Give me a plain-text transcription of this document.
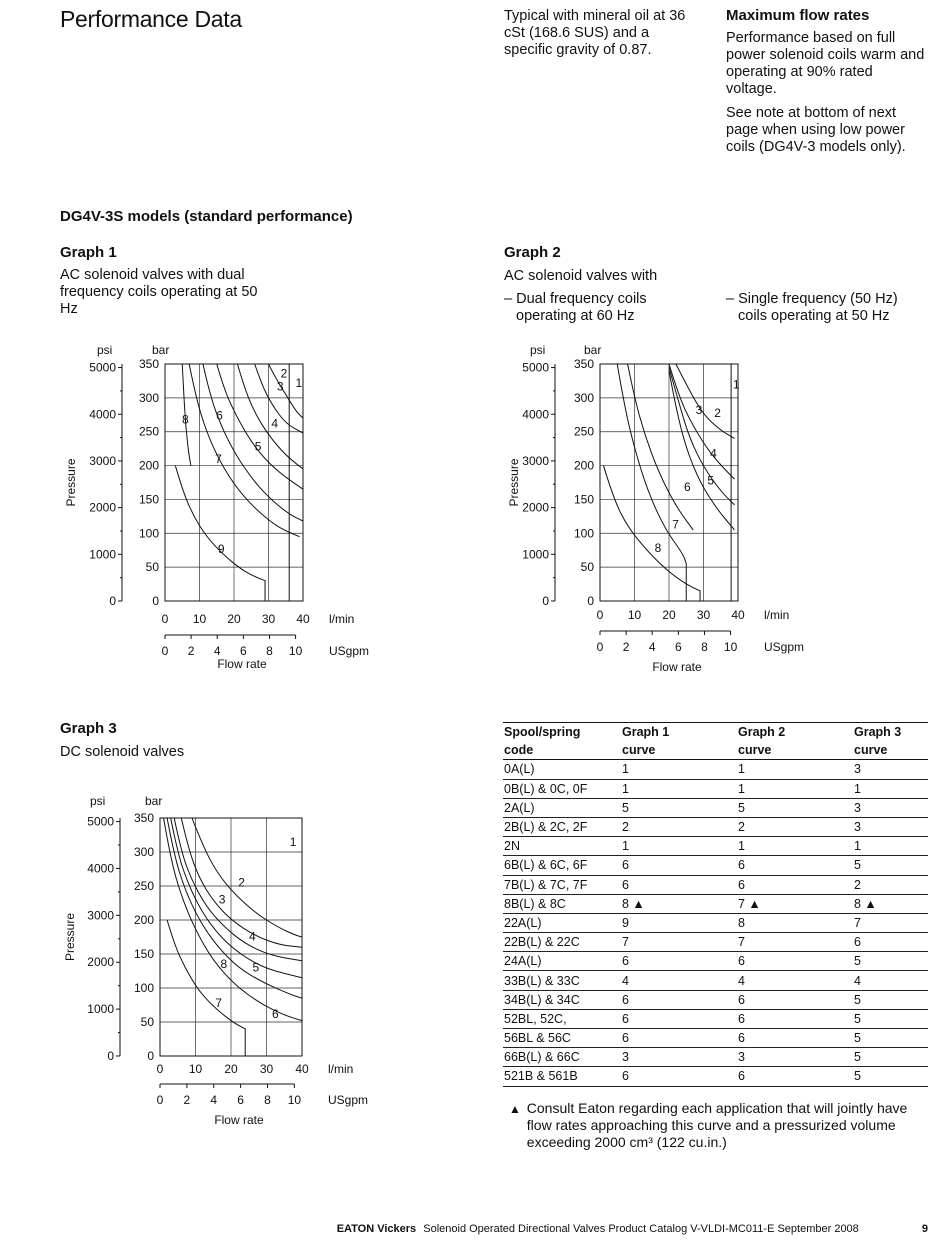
Performance Data	Typical with mineral oil at 36 cSt (168.6 SUS) and a specific gravity of 0.87.
Maximum flow rates
Performance based on full power solenoid coils warm and operating at 90% rated voltage.
See note at bottom of next page when using low power coils (DG4V-3 models only).
DG4V-3S models (standard performance)
Graph 1
AC solenoid valves with dual frequency coils operating at 50 Hz
Graph 2
AC solenoid valves with
– Dual frequency coils operating at 60 Hz
– Single frequency (50 Hz) coils operating at 50 Hz
Graph 3
DC solenoid valves
350
300
250
200
150
100
50
0
5000
4000
3000
2000
1000
0
psi	bar
Pressure
0 10 20 30 40 l/min
0 2 4 6 8 10 USgpm
Flow rate
1
2
3
4
5
6
7
8
9
350
300
250
200
150
100
50
0
5000
4000
3000
2000
1000
0
psi	bar
Pressure
0 10 20 30 40 l/min
0 2 4 6 8 10 USgpm
Flow rate
1
2
3
4
5
6
7
8
350
300
250
200
150
100
50
0
5000
4000
3000
2000
1000
0
psi	bar
Pressure
0 10 20 30 40 l/min
0 2 4 6 8 10 USgpm
Flow rate
1
2
3
4
5
6
7
8
Spool/spring	Graph 1	Graph 2	Graph 3
code	curve	curve	curve
0A(L)	1	1	3
0B(L) & 0C, 0F	1	1	1
2A(L)	5	5	3
2B(L) & 2C, 2F	2	2	3
2N	1	1	1
6B(L) & 6C, 6F	6	6	5
7B(L) & 7C, 7F	6	6	2
8B(L) & 8C	8 ▲	7 ▲	8 ▲
22A(L)	9	8	7
22B(L) & 22C	7	7	6
24A(L)	6	6	5
33B(L) & 33C	4	4	4
34B(L) & 34C	6	6	5
52BL, 52C,	6	6	5
56BL & 56C	6	6	5
66B(L) & 66C	3	3	5
521B & 561B	6	6	5
▲ Consult Eaton regarding each application that will jointly have flow rates approaching this curve and a pressurized volume exceeding 2000 cm³ (122 cu.in.)
EATON Vickers Solenoid Operated Directional Valves Product Catalog V-VLDI-MC011-E September 2008	9
